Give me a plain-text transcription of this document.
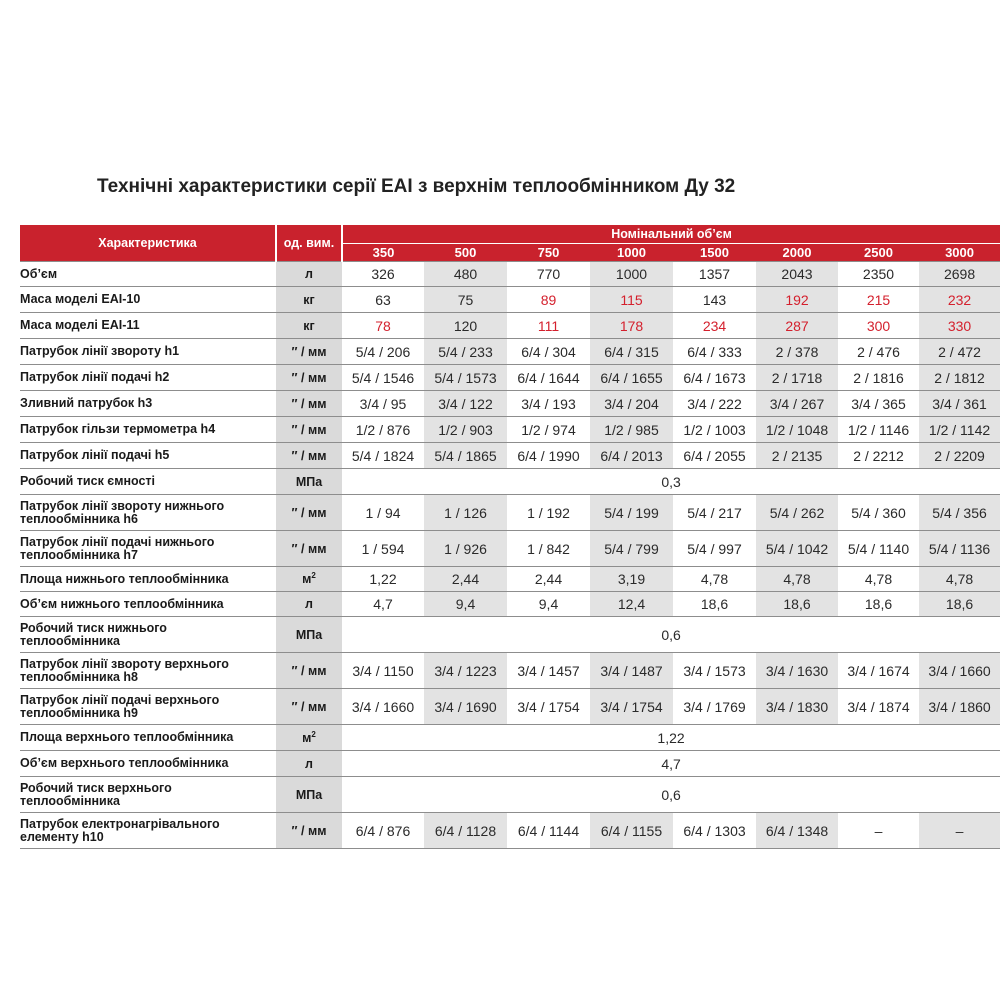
Технічні характеристики серії EAI з верхнім теплообмінником Ду 32
Характеристика	од. вим.	Номінальний об’єм							
		350	500	750	1000	1500	2000	2500	3000
Об’єм	л	326	480	770	1000	1357	2043	2350	2698
Маса моделі EAI-10	кг	63	75	89	115	143	192	215	232
Маса моделі EAI-11	кг	78	120	111	178	234	287	300	330
Патрубок лінії зворoту h1	″ / мм	5/4 / 206	5/4 / 233	6/4 / 304	6/4 / 315	6/4 / 333	2 / 378	2 / 476	2 / 472
Патрубок лінії подачі h2	″ / мм	5/4 / 1546	5/4 / 1573	6/4 / 1644	6/4 / 1655	6/4 / 1673	2 / 1718	2 / 1816	2 / 1812
Зливний патрубок h3	″ / мм	3/4 / 95	3/4 / 122	3/4 / 193	3/4 / 204	3/4 / 222	3/4 / 267	3/4 / 365	3/4 / 361
Патрубок гільзи термометра h4	″ / мм	1/2 / 876	1/2 / 903	1/2 / 974	1/2 / 985	1/2 / 1003	1/2 / 1048	1/2 / 1146	1/2 / 1142
Патрубок лінії подачі h5	″ / мм	5/4 / 1824	5/4 / 1865	6/4 / 1990	6/4 / 2013	6/4 / 2055	2 / 2135	2 / 2212	2 / 2209
Робочий тиск ємності	МПа	0,3							

Патрубок лінії зворoту нижнього
теплообмінника h6	″ / мм	1 / 94	1 / 126	1 / 192	5/4 / 199	5/4 / 217	5/4 / 262	5/4 / 360	5/4 / 356

Патрубок лінії подачі нижнього
теплообмінника h7	″ / мм	1 / 594	1 / 926	1 / 842	5/4 / 799	5/4 / 997	5/4 / 1042	5/4 / 1140	5/4 / 1136
Площа нижнього теплообмінника	$м^2$	1,22	2,44	2,44	3,19	4,78	4,78	4,78	4,78
Об’єм нижнього теплообмінника	л	4,7	9,4	9,4	12,4	18,6	18,6	18,6	18,6

Робочий тиск нижнього
теплообмінника	МПа	0,6							

Патрубок лінії зворoту верхнього
теплообмінника h8	″ / мм	3/4 / 1150	3/4 / 1223	3/4 / 1457	3/4 / 1487	3/4 / 1573	3/4 / 1630	3/4 / 1674	3/4 / 1660

Патрубок лінії подачі верхнього
теплообмінника h9	″ / мм	3/4 / 1660	3/4 / 1690	3/4 / 1754	3/4 / 1754	3/4 / 1769	3/4 / 1830	3/4 / 1874	3/4 / 1860
Площа верхнього теплообмінника	$м^2$	1,22							
Об’єм верхнього теплообмінника	л	4,7							

Робочий тиск верхнього
теплообмінника	МПа	0,6							

Патрубок електронагрівального
елементу h10	″ / мм	6/4 / 876	6/4 / 1128	6/4 / 1144	6/4 / 1155	6/4 / 1303	6/4 / 1348	–	–
